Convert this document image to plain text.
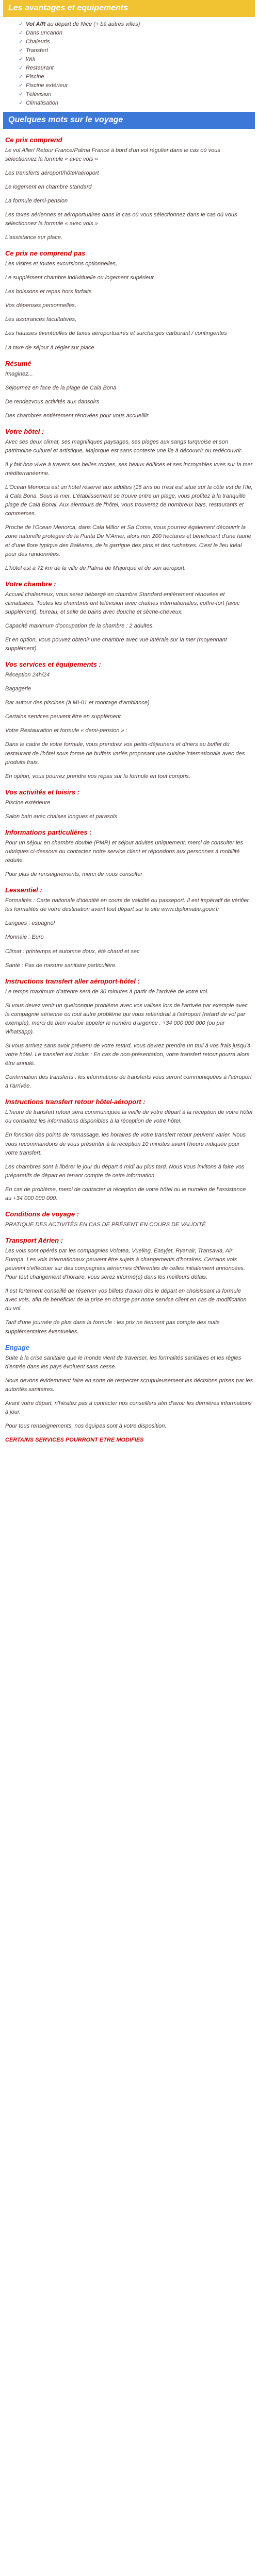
Les avantages et equipements
✓ Vol A/R au départ de Nice (+ bà autres villes)
✓ Dans uncanon
✓ Chaleuris
✓ Transfert
✓ Wifi
✓ Restaurant
✓ Piscine
✓ Piscine extérieur
✓ Télévision
✓ Climatisation
Quelques mots sur le voyage
Ce prix comprend

Le vol Aller/ Retour France/Palma France à bord d'un vol régulier dans le cas où vous sélectionnez la formule « avec vols »

Les transferts aéroport/hôtel/aéroport

Le logement en chambre standard

La formule demi-pension

Les taxes aériennes et aéroportuaires dans le cas où vous sélectionnez dans le cas où vous sélectionnez la formule « avec vols »

L'assistance sur place.

Ce prix ne comprend pas

Les visites et toutes excursions optionnelles,

Le supplément chambre individuelle ou logement supérieur

Les boissons et repas hors forfaits

Vos dépenses personnelles,

Les assurances facultatives,

Les hausses éventuelles de taxes aéroportuaires et surcharges carburant / contingentes

La taxe de séjour à régler sur place

Résumé

Imaginez...

Séjournez en face de la plage de Cala Bona

De rendezvous activités aux dansoirs

Des chambres entièrement rénovées pour vous accueillir.

Votre hôtel :

Avec ses deux climat, ses magnifiques paysages, ses plages aux sangs turquoise et son patrimoine culturel et artistique, Majorque est sans conteste une île à découvrir ou redécouvrir.

Il y fait bon vivre à travers ses belles roches, ses beaux édifices et ses incroyables vues sur la mer méditerranéenne.

L'Ocean Menorca est un hôtel réservé aux adultes (16 ans ou n'est est situé sur la côte est de l'île, à Cala Bona. Sous la mer. L'établissement se trouve entre un plage, vous profitez à la tranquille plage de Cala Bonal. Aux alentours de l'hôtel, vous trouverez de nombreux bars, restaurants et commerces.

Proche de l'Ocean Menorca, dans Cala Millor et Sa Coma, vous pourrez également découvrir la zone naturelle protégée de la Punta De N'Amer, alors non 200 hectares et bénéficiant d'une faune et d'une flore typique des Baléares, de la garrigue des pins et des ruchaises. C'est le lieu idéal pour des randonnées.

L'hôtel est à 72 km de la ville de Palma de Majorque et de son aéroport.

Votre chambre :

Accueil chaleureux, vous serez hébergé en chambre Standard entièrement rénovées et climatisées. Toutes les chambres ont télévision avec chaînes internationales, coffre-fort (avec supplément), bureau, et salle de bains avec douche et sèche-cheveux.

Capacité maximum d'occupation de la chambre : 2 adultes.

Et en option, vous pouvez obtenir une chambre avec vue latérale sur la mer (moyennant supplément).

Vos services et équipements :

Réception 24h/24

Bagagerie

Bar autour des piscines (à MI-01 et montage d'ambiance)

Certains services peuvent être en supplément.

Votre Restauration et formule « demi-pension » :

Dans le cadre de votre formule, vous prendrez vos petits-déjeuners et dîners au buffet du restaurant de l'hôtel sous forme de buffets variés proposant une cuisine internationale avec des produits frais.

En option, vous pourrez prendre vos repas sur la formule en tout compris.

Vos activités et loisirs :

Piscine extérieure

Salon bain avec chaises longues et parasols

Informations particulières :

Pour un séjour en chambre double (PMR) et séjour adultes uniquement, merci de consulter les rubriques ci-dessous ou contactez notre service client et répondons aux personnes à mobilité réduite.

Pour plus de renseignements, merci de nous consulter

Lessentiel :

Formalités : Carte nationale d'identité en cours de validité ou passeport. Il est impératif de vérifier les formalités de votre destination avant tout départ sur le site www.diplomatie.gouv.fr

Langues : espagnol

Monnaie : Euro

Climat : printemps et automne doux, été chaud et sec

Santé : Pas de mesure sanitaire particulière.

Instructions transfert aller aéroport-hôtel :

Le temps maximum d'attente sera de 30 minutes à partir de l'arrivée de votre vol.

Si vous devez venir un quelconque problème avec vos valises lors de l'arrivée par exemple avec la compagnie aérienne ou tout autre problème qui vous retiendrait à l'aéroport (retard de vol par exemple), merci de bien vouloir appeler le numéro d'urgence : +34 000 000 000 (ou par Whatsapp).

Si vous arrivez sans avoir prévenu de votre retard, vous devrez prendre un taxi à vos frais jusqu'à votre hôtel. Le transfert est inclus : En cas de non-présentation, votre transfert retour pourra alors être annulé.

Confirmation des transferts : les informations de transferts vous seront communiquées à l'aéroport à l'arrivée.

Instructions transfert retour hôtel-aéroport :

L'heure de transfert retour sera communiquée la veille de votre départ à la réception de votre hôtel ou consultez les informations disponibles à la réception de votre hôtel.

En fonction des points de ramassage, les horaires de votre transfert retour peuvent varier. Nous vous recommandons de vous présenter à la réception 10 minutes avant l'heure indiquée pour votre transfert.

Les chambres sont à libérer le jour du départ à midi au plus tard. Nous vous invitons à faire vos préparatifs de départ en tenant compte de cette information.

En cas de problème, merci de contacter la réception de votre hôtel ou le numéro de l'assistance au +34 000 000 000.

Conditions de voyage :

PRATIQUE DES ACTIVITÉS EN CAS DE PRÉSENT EN COURS DE VALIDITÉ

Transport Aérien :

Les vols sont opérés par les compagnies Volotea, Vueling, Easyjet, Ryanair, Transavia, Air Europa. Les vols internationaux peuvent être sujets à changements d'horaires. Certains vols peuvent s'effectuer sur des compagnies aériennes différentes de celles initialement annoncées. Pour tout changement d'horaire, vous serez informé(e) dans les meilleurs délais.

Il est fortement conseillé de réserver vos billets d'avion dès le départ en choisissant la formule avec vols, afin de bénéficier de la prise en charge par notre service client en cas de modification du vol.

Tarif d'une journée de plus dans la formule : les prix ne tiennent pas compte des nuits supplémentaires éventuelles.

Engage

Suite à la crise sanitaire que le monde vient de traverser, les formalités sanitaires et les règles d'entrée dans les pays évoluent sans cesse.

Nous devons évidemment faire en sorte de respecter scrupuleusement les décisions prises par les autorités sanitaires.

Avant votre départ, n'hésitez pas à contacter nos conseillers afin d'avoir les dernières informations à jour.

Pour tous renseignements, nos équipes sont à votre disposition.

CERTAINS SERVICES POURRONT ETRE MODIFIES
